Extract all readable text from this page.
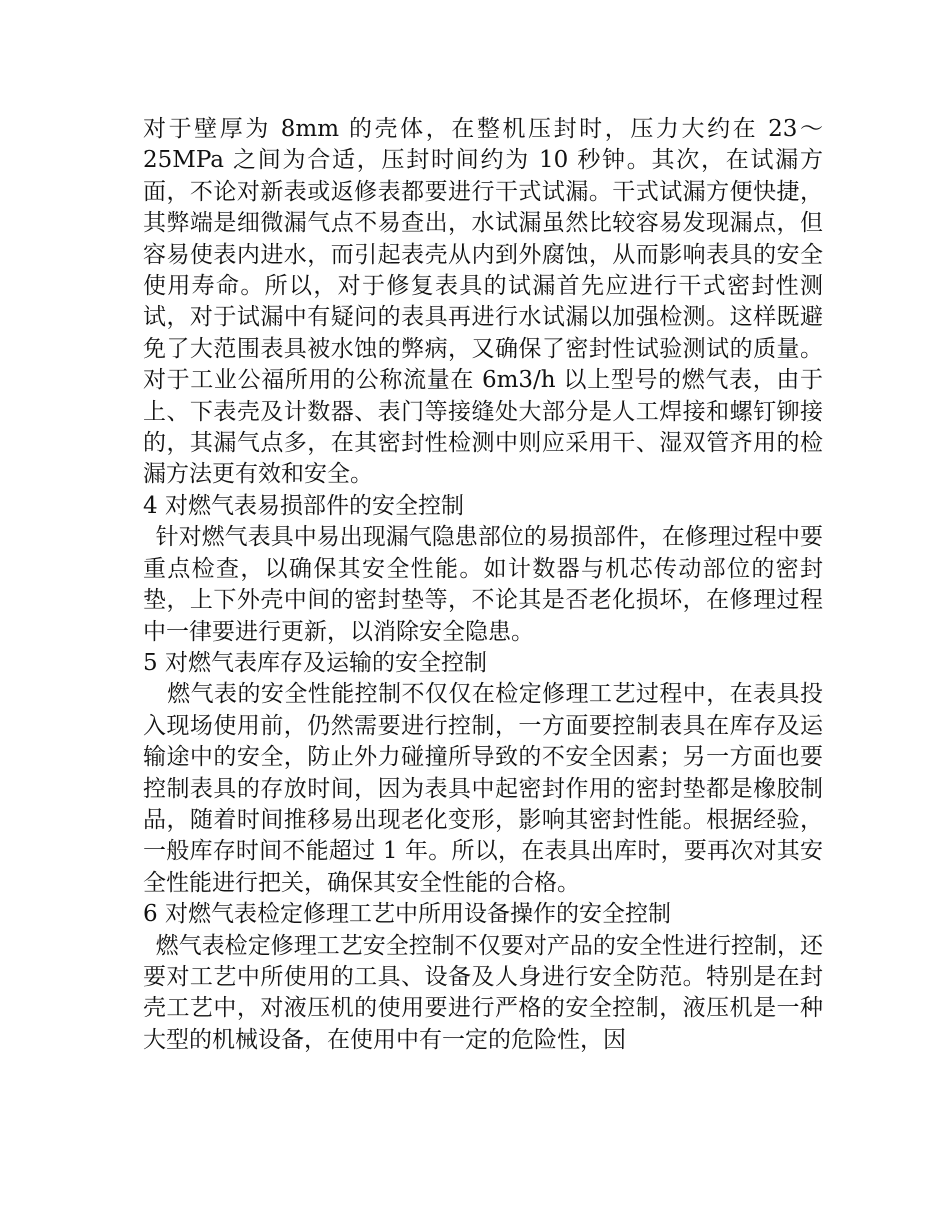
对于壁厚为 8mm 的壳体，在整机压封时，压力大约在 23～25MPa 之间为合适，压封时间约为 10 秒钟。其次，在试漏方面，不论对新表或返修表都要进行干式试漏。干式试漏方便快捷，其弊端是细微漏气点不易查出，水试漏虽然比较容易发现漏点，但容易使表内进水，而引起表壳从内到外腐蚀，从而影响表具的安全使用寿命。所以，对于修复表具的试漏首先应进行干式密封性测试，对于试漏中有疑问的表具再进行水试漏以加强检测。这样既避免了大范围表具被水蚀的弊病，又确保了密封性试验测试的质量。对于工业公福所用的公称流量在 6m3/h 以上型号的燃气表，由于上、下表壳及计数器、表门等接缝处大部分是人工焊接和螺钉铆接的，其漏气点多，在其密封性检测中则应采用干、湿双管齐用的检漏方法更有效和安全。

4 对燃气表易损部件的安全控制

针对燃气表具中易出现漏气隐患部位的易损部件，在修理过程中要重点检查，以确保其安全性能。如计数器与机芯传动部位的密封垫，上下外壳中间的密封垫等，不论其是否老化损坏，在修理过程中一律要进行更新，以消除安全隐患。

5 对燃气表库存及运输的安全控制

燃气表的安全性能控制不仅仅在检定修理工艺过程中，在表具投入现场使用前，仍然需要进行控制，一方面要控制表具在库存及运输途中的安全，防止外力碰撞所导致的不安全因素；另一方面也要控制表具的存放时间，因为表具中起密封作用的密封垫都是橡胶制品，随着时间推移易出现老化变形，影响其密封性能。根据经验，一般库存时间不能超过 1 年。所以，在表具出库时，要再次对其安全性能进行把关，确保其安全性能的合格。

6 对燃气表检定修理工艺中所用设备操作的安全控制

燃气表检定修理工艺安全控制不仅要对产品的安全性进行控制，还要对工艺中所使用的工具、设备及人身进行安全防范。特别是在封壳工艺中，对液压机的使用要进行严格的安全控制，液压机是一种大型的机械设备，在使用中有一定的危险性，因
